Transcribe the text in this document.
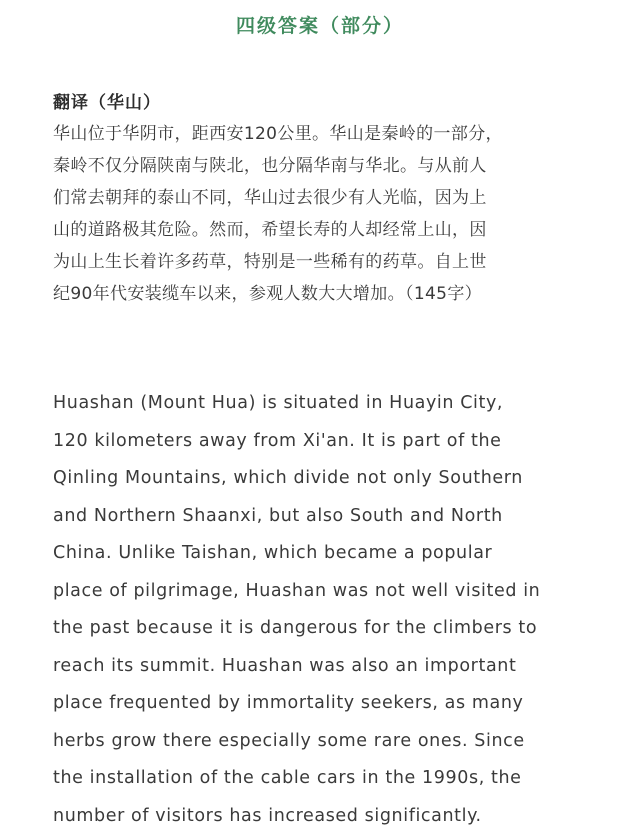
四级答案（部分）
翻译（华山）

华山位于华阴市，距西安120公里。华山是秦岭的一部分，
秦岭不仅分隔陕南与陕北，也分隔华南与华北。与从前人
们常去朝拜的泰山不同，华山过去很少有人光临，因为上
山的道路极其危险。然而，希望长寿的人却经常上山，因
为山上生长着许多药草，特别是一些稀有的药草。自上世
纪90年代安装缆车以来，参观人数大大增加。（145字）

Huashan (Mount Hua) is situated in Huayin City,
120 kilometers away from Xi'an. It is part of the
Qinling Mountains, which divide not only Southern
and Northern Shaanxi, but also South and North
China. Unlike Taishan, which became a popular
place of pilgrimage, Huashan was not well visited in
the past because it is dangerous for the climbers to
reach its summit. Huashan was also an important
place frequented by immortality seekers, as many
herbs grow there especially some rare ones. Since
the installation of the cable cars in the 1990s, the
number of visitors has increased significantly.
